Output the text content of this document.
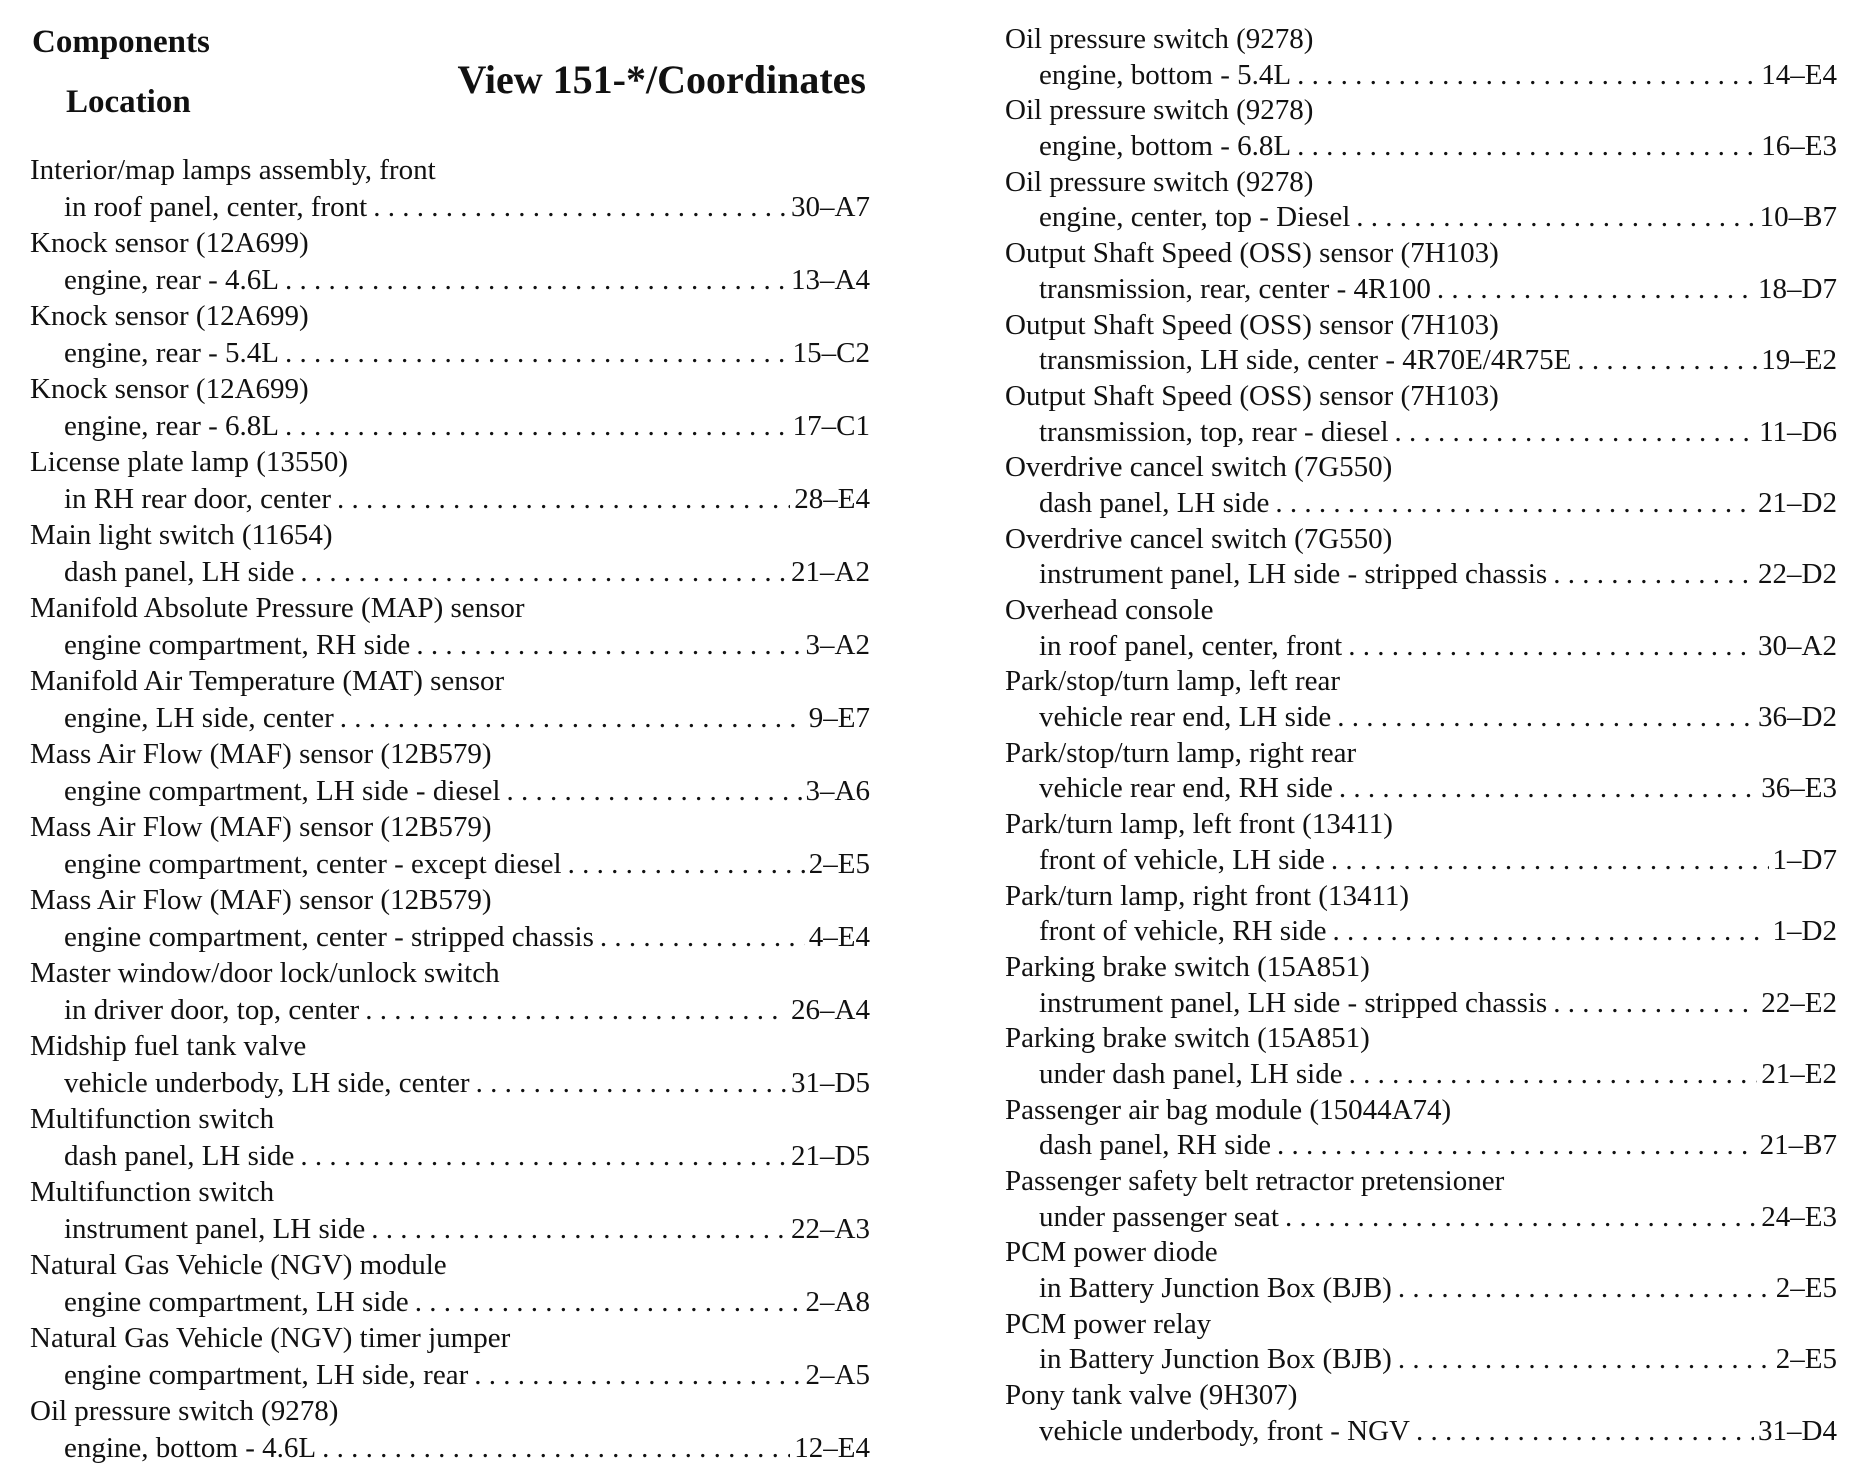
Components
Location	View 151-*/Coordinates
Interior/map lamps assembly, front
in roof panel, center, front . . .	30–A7
Knock sensor (12A699)
engine, rear - 4.6L . . .	13–A4
Knock sensor (12A699)
engine, rear - 5.4L . . .	15–C2
Knock sensor (12A699)
engine, rear - 6.8L . . .	17–C1
License plate lamp (13550)
in RH rear door, center . . .	28–E4
Main light switch (11654)
dash panel, LH side . . .	21–A2
Manifold Absolute Pressure (MAP) sensor
engine compartment, RH side . . .	3–A2
Manifold Air Temperature (MAT) sensor
engine, LH side, center . . .	9–E7
Mass Air Flow (MAF) sensor (12B579)
engine compartment, LH side - diesel . . .	3–A6
Mass Air Flow (MAF) sensor (12B579)
engine compartment, center - except diesel . . .	2–E5
Mass Air Flow (MAF) sensor (12B579)
engine compartment, center - stripped chassis . . .	4–E4
Master window/door lock/unlock switch
in driver door, top, center . . .	26–A4
Midship fuel tank valve
vehicle underbody, LH side, center . . .	31–D5
Multifunction switch
dash panel, LH side . . .	21–D5
Multifunction switch
instrument panel, LH side . . .	22–A3
Natural Gas Vehicle (NGV) module
engine compartment, LH side . . .	2–A8
Natural Gas Vehicle (NGV) timer jumper
engine compartment, LH side, rear . . .	2–A5
Oil pressure switch (9278)
engine, bottom - 4.6L . . .	12–E4
Oil pressure switch (9278)
engine, bottom - 5.4L . . .	14–E4
Oil pressure switch (9278)
engine, bottom - 6.8L . . .	16–E3
Oil pressure switch (9278)
engine, center, top - Diesel . . .	10–B7
Output Shaft Speed (OSS) sensor (7H103)
transmission, rear, center - 4R100 . . .	18–D7
Output Shaft Speed (OSS) sensor (7H103)
transmission, LH side, center - 4R70E/4R75E . . .	19–E2
Output Shaft Speed (OSS) sensor (7H103)
transmission, top, rear - diesel . . .	11–D6
Overdrive cancel switch (7G550)
dash panel, LH side . . .	21–D2
Overdrive cancel switch (7G550)
instrument panel, LH side - stripped chassis . . .	22–D2
Overhead console
in roof panel, center, front . . .	30–A2
Park/stop/turn lamp, left rear
vehicle rear end, LH side . . .	36–D2
Park/stop/turn lamp, right rear
vehicle rear end, RH side . . .	36–E3
Park/turn lamp, left front (13411)
front of vehicle, LH side . . .	1–D7
Park/turn lamp, right front (13411)
front of vehicle, RH side . . .	1–D2
Parking brake switch (15A851)
instrument panel, LH side - stripped chassis . . .	22–E2
Parking brake switch (15A851)
under dash panel, LH side . . .	21–E2
Passenger air bag module (15044A74)
dash panel, RH side . . .	21–B7
Passenger safety belt retractor pretensioner
under passenger seat . . .	24–E3
PCM power diode
in Battery Junction Box (BJB) . . .	2–E5
PCM power relay
in Battery Junction Box (BJB) . . .	2–E5
Pony tank valve (9H307)
vehicle underbody, front - NGV . . .	31–D4
